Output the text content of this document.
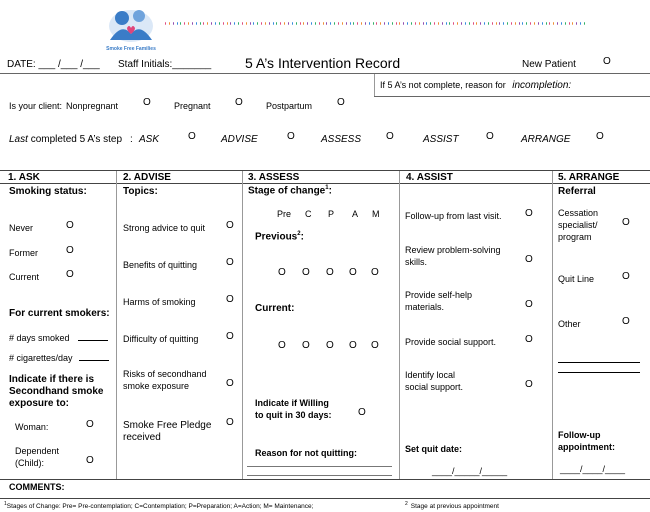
Smoke Free Families
DATE: ___ /___ /___ Staff Initials:_______ 5 A’s Intervention Record	New Patient	O
If 5 A’s not complete, reason for incompletion:
Is your client: Nonpregnant O	Pregnant O	Postpartum O
Last completed 5 A’s step : ASK	O	ADVISE	O	ASSESS O	ASSIST	O	ARRANGE	O
1. ASK	2. ADVISE	3. ASSESS	4. ASSIST	5. ARRANGE
Smoking status:
Never	O
Former	O
Current	O
For current smokers:
# days smoked
# cigarettes/day
Indicate if there is
Secondhand smoke
exposure to:
Woman:	O
Dependent
(Child):	O
Topics:
Strong advice to quit O
Benefits of quitting	O
Harms of smoking	O
Difficulty of quitting	O
Risks of secondhand
smoke exposure	O
Smoke Free Pledge
received
O
Stage of change$^1$:
Pre C P A M
Previous$^2$:
O O O O O
Current:
O O O O O
Indicate if Willing
to quit in 30 days:	O
Reason for not quitting:
Follow-up from last visit. O
Review problem-solving
skills.	O
Provide self-help
materials.	O
Provide social support.	O
Identify local
social support.	O
Set quit date:
____/_____/_____
Referral
Cessation
specialist/
program
O
Quit Line	O
Other	O
Follow-up
appointment:
____/____/____
COMMENTS:
$^1$Stages of Change: Pre= Pre-contemplation; C=Contemplation; P=Preparation; A=Action; M= Maintenance;	$^2$ Stage at previous appointment
